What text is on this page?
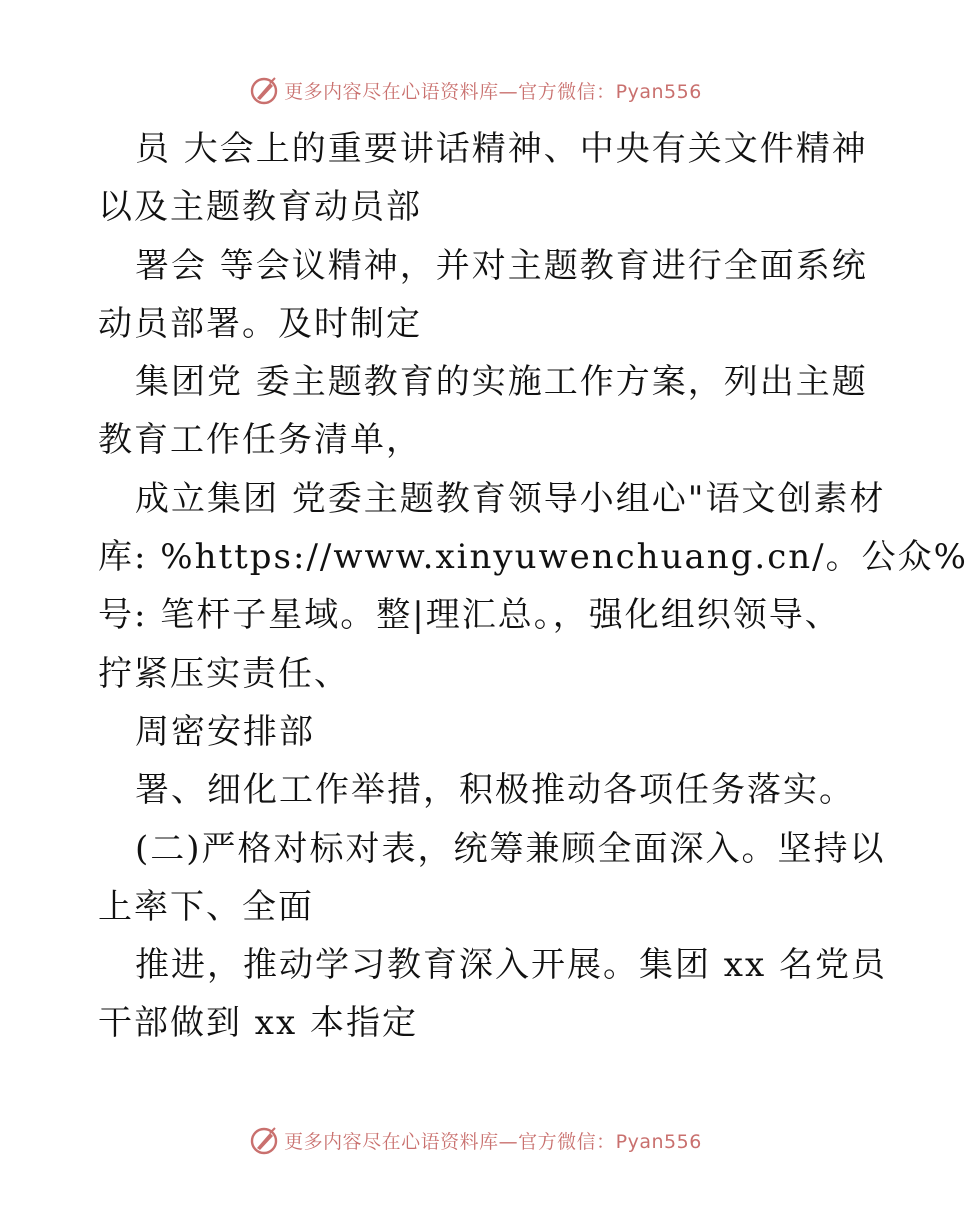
更多内容尽在心语资料库—官方微信：Pyan556
员 大会上的重要讲话精神、中央有关文件精神
以及主题教育动员部
署会 等会议精神，并对主题教育进行全面系统
动员部署。及时制定
集团党 委主题教育的实施工作方案，列出主题
教育工作任务清单，
成立集团 党委主题教育领导小组心"语文创素材
库: %https://www.xinyuwenchuang.cn/。公众%
号: 笔杆子星域。整|理汇总。，强化组织领导、
拧紧压实责任、
周密安排部
署、细化工作举措，积极推动各项任务落实。
(二)严格对标对表，统筹兼顾全面深入。坚持以
上率下、全面
推进，推动学习教育深入开展。集团 xx 名党员
干部做到 xx 本指定
更多内容尽在心语资料库—官方微信：Pyan556
